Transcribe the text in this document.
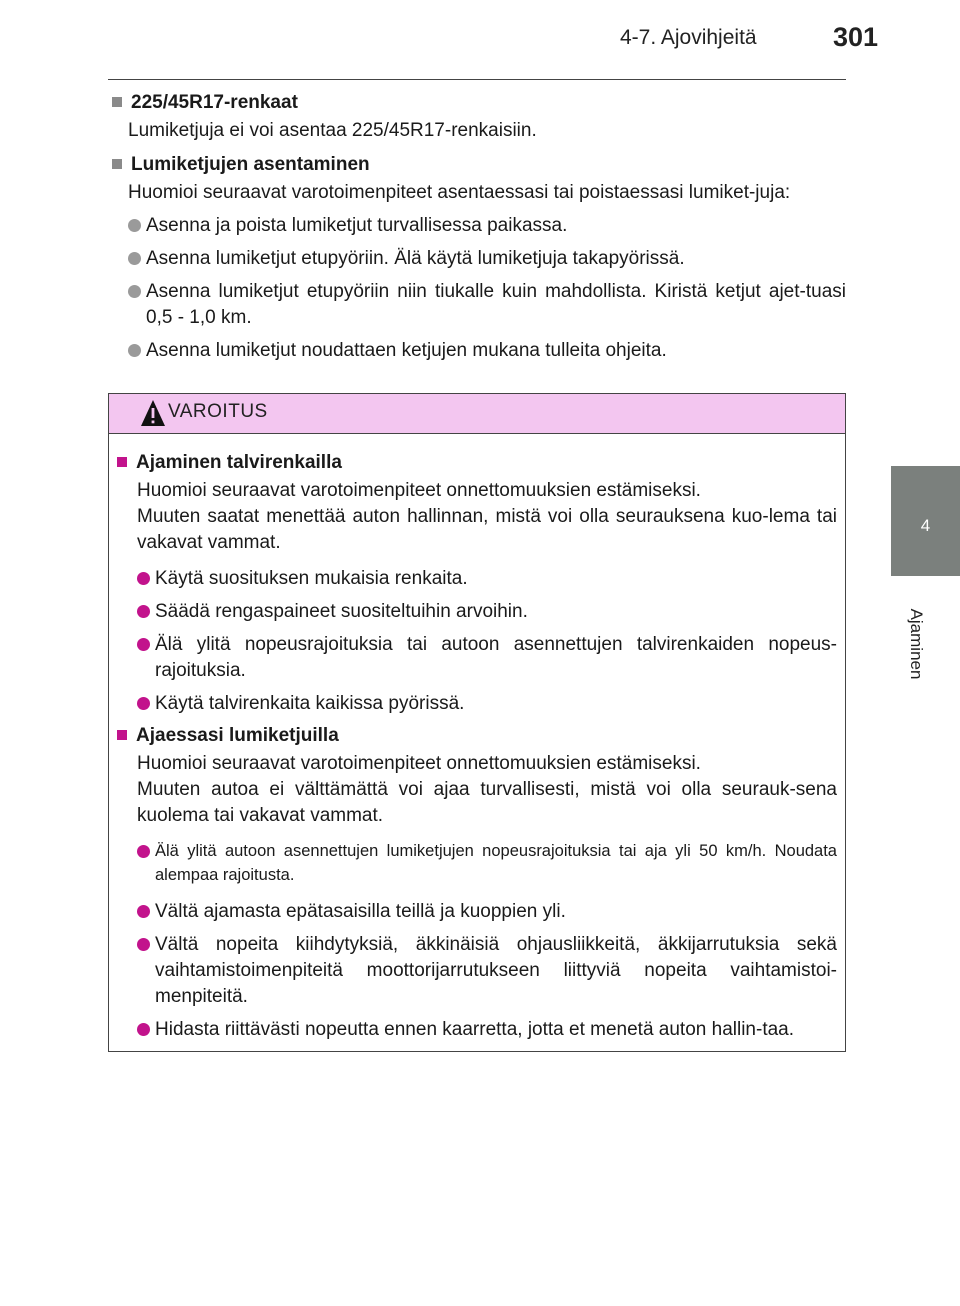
4-7. Ajovihjeitä	301
4
Ajaminen
225/45R17-renkaat
Lumiketjuja ei voi asentaa 225/45R17-renkaisiin.
Lumiketjujen asentaminen
Huomioi seuraavat varotoimenpiteet asentaessasi tai poistaessasi lumiket-juja:
Asenna ja poista lumiketjut turvallisessa paikassa.
Asenna lumiketjut etupyöriin. Älä käytä lumiketjuja takapyörissä.
Asenna lumiketjut etupyöriin niin tiukalle kuin mahdollista. Kiristä ketjut ajet-tuasi 0,5 - 1,0 km.
Asenna lumiketjut noudattaen ketjujen mukana tulleita ohjeita.
VAROITUS
Ajaminen talvirenkailla
Huomioi seuraavat varotoimenpiteet onnettomuuksien estämiseksi.
Muuten saatat menettää auton hallinnan, mistä voi olla seurauksena kuo-lema tai vakavat vammat.
Käytä suosituksen mukaisia renkaita.
Säädä rengaspaineet suositeltuihin arvoihin.
Älä ylitä nopeusrajoituksia tai autoon asennettujen talvirenkaiden nopeus-rajoituksia.
Käytä talvirenkaita kaikissa pyörissä.
Ajaessasi lumiketjuilla
Huomioi seuraavat varotoimenpiteet onnettomuuksien estämiseksi.
Muuten autoa ei välttämättä voi ajaa turvallisesti, mistä voi olla seurauk-sena kuolema tai vakavat vammat.
Älä ylitä autoon asennettujen lumiketjujen nopeusrajoituksia tai aja yli 50 km/h. Noudata alempaa rajoitusta.
Vältä ajamasta epätasaisilla teillä ja kuoppien yli.
Vältä nopeita kiihdytyksiä, äkkinäisiä ohjausliikkeitä, äkkijarrutuksia sekä vaihtamistoimenpiteitä moottorijarrutukseen liittyviä nopeita vaihtamistoi-menpiteitä.
Hidasta riittävästi nopeutta ennen kaarretta, jotta et menetä auton hallin-taa.
